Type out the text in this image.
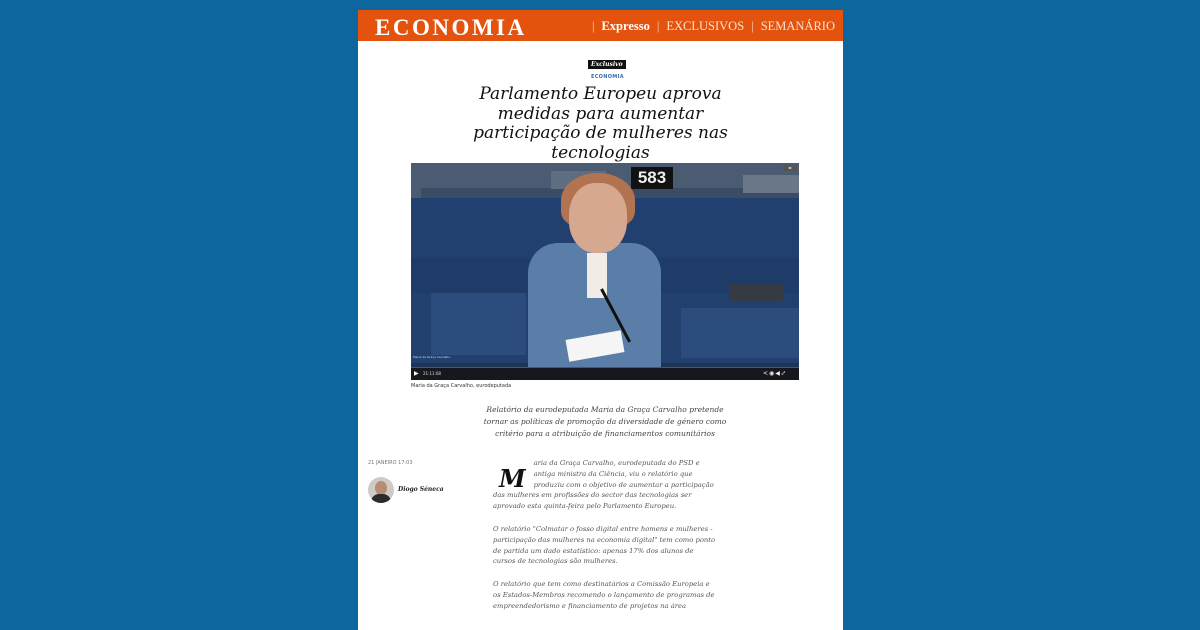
ECONOMIA	| Expresso | EXCLUSIVOS | SEMANÁRIO
Exclusivo
ECONOMIA
Parlamento Europeu aprova medidas para aumentar participação de mulheres nas tecnologias
583
Maria da Graça Carvalho
◂▸
▶	21:11:08	<◉◀⤢
Maria da Graça Carvalho, eurodeputada
Relatório da eurodeputada Maria da Graça Carvalho pretende tornar as políticas de promoção da diversidade de género como critério para a atribuição de financiamentos comunitários
21 JANEIRO 17:03
Diogo Séneca M
aria da Graça Carvalho, eurodeputada do PSD e antiga ministra da Ciência, viu o relatório que produziu com o objetivo de aumentar a participação das mulheres em profissões do sector das tecnologias ser aprovado esta quinta-feira pelo Parlamento Europeu.

O relatório "Colmatar o fosso digital entre homens e mulheres - participação das mulheres na economia digital" tem como ponto de partida um dado estatístico: apenas 17% dos alunos de cursos de tecnologias são mulheres.

O relatório que tem como destinatários a Comissão Europeia e os Estados-Membros recomendo o lançamento de programas de empreendedorismo e financiamento de projetos na área
